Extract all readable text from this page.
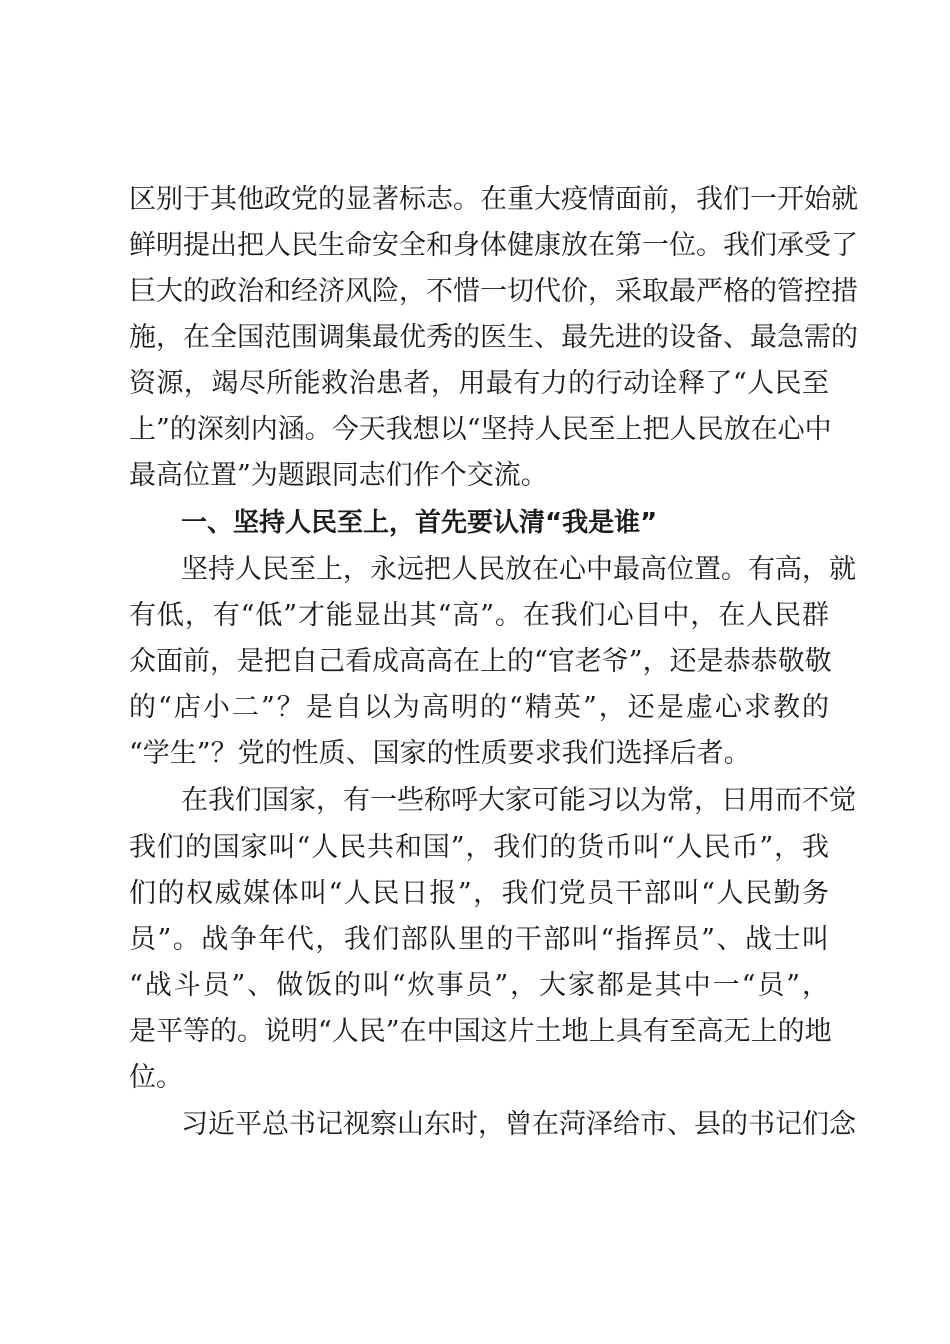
区别于其他政党的显著标志。在重大疫情面前，我们一开始就
鲜明提出把人民生命安全和身体健康放在第一位。我们承受了
巨大的政治和经济风险，不惜一切代价，采取最严格的管控措
施，在全国范围调集最优秀的医生、最先进的设备、最急需的
资源，竭尽所能救治患者，用最有力的行动诠释了“人民至
上”的深刻内涵。今天我想以“坚持人民至上把人民放在心中
最高位置”为题跟同志们作个交流。
一、坚持人民至上，首先要认清“我是谁”
坚持人民至上，永远把人民放在心中最高位置。有高，就
有低，有“低”才能显出其“高”。在我们心目中，在人民群
众面前，是把自己看成高高在上的“官老爷”，还是恭恭敬敬
的“店小二”？是自以为高明的“精英”，还是虚心求教的
“学生”？党的性质、国家的性质要求我们选择后者。
在我们国家，有一些称呼大家可能习以为常，日用而不觉
我们的国家叫“人民共和国”，我们的货币叫“人民币”，我
们的权威媒体叫“人民日报”，我们党员干部叫“人民勤务
员”。战争年代，我们部队里的干部叫“指挥员”、战士叫
“战斗员”、做饭的叫“炊事员”，大家都是其中一“员”，
是平等的。说明“人民”在中国这片土地上具有至高无上的地
位。
习近平总书记视察山东时，曾在菏泽给市、县的书记们念
